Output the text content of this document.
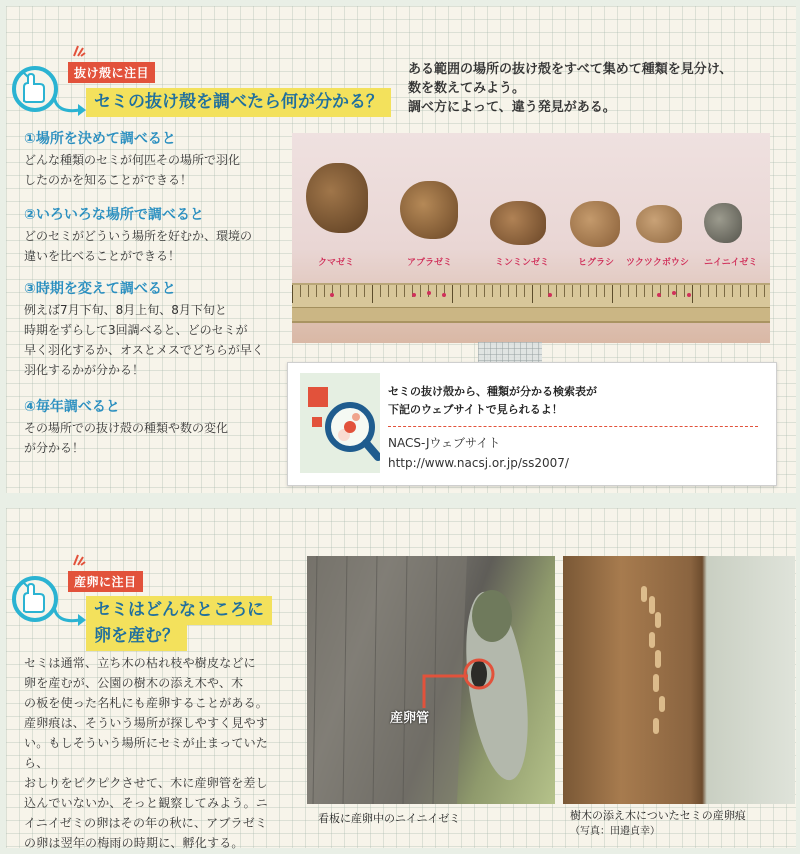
抜け殻に注目
セミの抜け殻を調べたら何が分かる？
ある範囲の場所の抜け殻をすべて集めて種類を見分け、
数を数えてみよう。
調べ方によって、違う発見がある。
①場所を決めて調べると
どんな種類のセミが何匹その場所で羽化
したのかを知ることができる！
②いろいろな場所で調べると
どのセミがどういう場所を好むか、環境の
違いを比べることができる！
③時期を変えて調べると
例えば7月下旬、8月上旬、8月下旬と
時期をずらして3回調べると、どのセミが
早く羽化するか、オスとメスでどちらが早く
羽化するかが分かる！
④毎年調べると
その場所での抜け殻の種類や数の変化
が分かる！
クマゼミ	アブラゼミ	ミンミンゼミ	ヒグラシ ツクツクボウシ ニイニイゼミ
セミの抜け殻から、種類が分かる検索表が
下記のウェブサイトで見られるよ！
NACS-Jウェブサイト
http://www.nacsj.or.jp/ss2007/
産卵に注目
セミはどんなところに
卵を産む？
セミは通常、立ち木の枯れ枝や樹皮などに
卵を産むが、公園の樹木の添え木や、木
の板を使った名札にも産卵することがある。
産卵痕は、そういう場所が探しやすく見やす
い。もしそういう場所にセミが止まっていたら、
おしりをピクピクさせて、木に産卵管を差し
込んでいないか、そっと観察してみよう。ニ
イニイゼミの卵はその年の秋に、アブラゼミ
の卵は翌年の梅雨の時期に、孵化する。
産卵管
看板に産卵中のニイニイゼミ	樹木の添え木についたセミの産卵痕
（写真：田邉貞幸）
